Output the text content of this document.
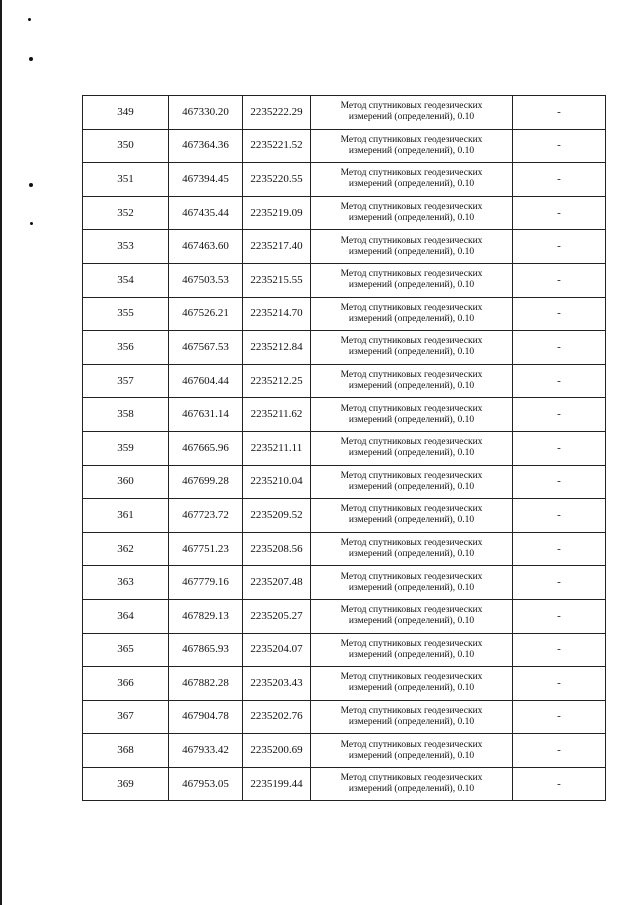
349	467330.20	2235222.29	Метод спутниковых геодезических
измерений (определений), 0.10	-
350	467364.36	2235221.52	Метод спутниковых геодезических
измерений (определений), 0.10	-
351	467394.45	2235220.55	Метод спутниковых геодезических
измерений (определений), 0.10	-
352	467435.44	2235219.09	Метод спутниковых геодезических
измерений (определений), 0.10	-
353	467463.60	2235217.40	Метод спутниковых геодезических
измерений (определений), 0.10	-
354	467503.53	2235215.55	Метод спутниковых геодезических
измерений (определений), 0.10	-
355	467526.21	2235214.70	Метод спутниковых геодезических
измерений (определений), 0.10	-
356	467567.53	2235212.84	Метод спутниковых геодезических
измерений (определений), 0.10	-
357	467604.44	2235212.25	Метод спутниковых геодезических
измерений (определений), 0.10	-
358	467631.14	2235211.62	Метод спутниковых геодезических
измерений (определений), 0.10	-
359	467665.96	2235211.11	Метод спутниковых геодезических
измерений (определений), 0.10	-
360	467699.28	2235210.04	Метод спутниковых геодезических
измерений (определений), 0.10	-
361	467723.72	2235209.52	Метод спутниковых геодезических
измерений (определений), 0.10	-
362	467751.23	2235208.56	Метод спутниковых геодезических
измерений (определений), 0.10	-
363	467779.16	2235207.48	Метод спутниковых геодезических
измерений (определений), 0.10	-
364	467829.13	2235205.27	Метод спутниковых геодезических
измерений (определений), 0.10	-
365	467865.93	2235204.07	Метод спутниковых геодезических
измерений (определений), 0.10	-
366	467882.28	2235203.43	Метод спутниковых геодезических
измерений (определений), 0.10	-
367	467904.78	2235202.76	Метод спутниковых геодезических
измерений (определений), 0.10	-
368	467933.42	2235200.69	Метод спутниковых геодезических
измерений (определений), 0.10	-
369	467953.05	2235199.44	Метод спутниковых геодезических
измерений (определений), 0.10	-
